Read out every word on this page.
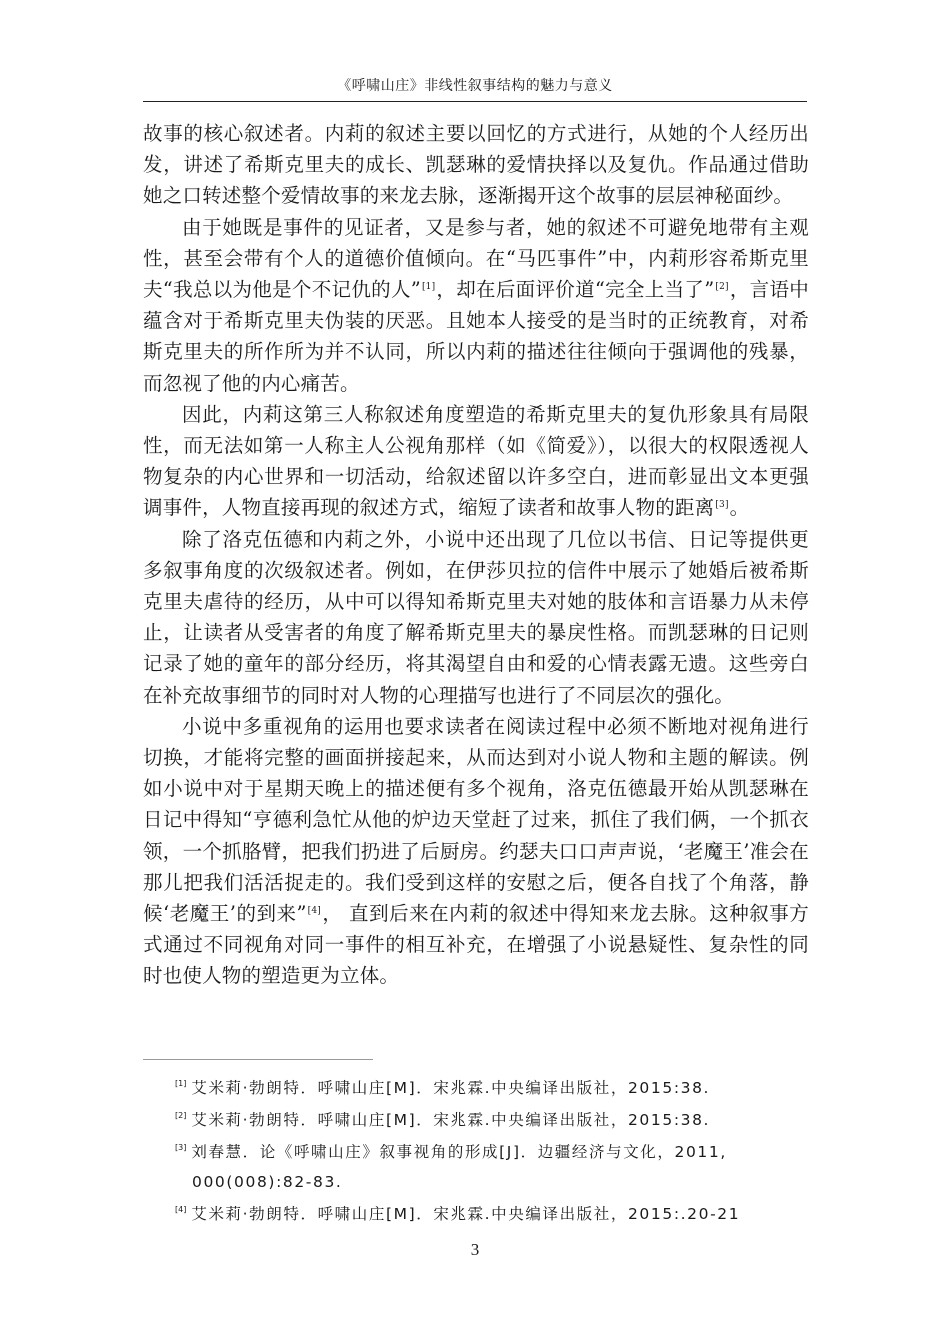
《呼啸山庄》非线性叙事结构的魅力与意义

故事的核心叙述者。内莉的叙述主要以回忆的方式进行，从她的个人经历出发，讲述了希斯克里夫的成长、凯瑟琳的爱情抉择以及复仇。作品通过借助她之口转述整个爱情故事的来龙去脉，逐渐揭开这个故事的层层神秘面纱。

由于她既是事件的见证者，又是参与者，她的叙述不可避免地带有主观性，甚至会带有个人的道德价值倾向。在“马匹事件”中，内莉形容希斯克里夫“我总以为他是个不记仇的人”[1]，却在后面评价道“完全上当了”[2]，言语中蕴含对于希斯克里夫伪装的厌恶。且她本人接受的是当时的正统教育，对希斯克里夫的所作所为并不认同，所以内莉的描述往往倾向于强调他的残暴，而忽视了他的内心痛苦。

因此，内莉这第三人称叙述角度塑造的希斯克里夫的复仇形象具有局限性，而无法如第一人称主人公视角那样（如《简爱》），以很大的权限透视人物复杂的内心世界和一切活动，给叙述留以许多空白，进而彰显出文本更强调事件，人物直接再现的叙述方式，缩短了读者和故事人物的距离[3]。

除了洛克伍德和内莉之外，小说中还出现了几位以书信、日记等提供更多叙事角度的次级叙述者。例如，在伊莎贝拉的信件中展示了她婚后被希斯克里夫虐待的经历，从中可以得知希斯克里夫对她的肢体和言语暴力从未停止，让读者从受害者的角度了解希斯克里夫的暴戾性格。而凯瑟琳的日记则记录了她的童年的部分经历，将其渴望自由和爱的心情表露无遗。这些旁白在补充故事细节的同时对人物的心理描写也进行了不同层次的强化。

小说中多重视角的运用也要求读者在阅读过程中必须不断地对视角进行切换，才能将完整的画面拼接起来，从而达到对小说人物和主题的解读。例如小说中对于星期天晚上的描述便有多个视角，洛克伍德最开始从凯瑟琳在日记中得知“亨德利急忙从他的炉边天堂赶了过来，抓住了我们俩，一个抓衣领，一个抓胳臂，把我们扔进了后厨房。约瑟夫口口声声说，‘老魔王’准会在那儿把我们活活捉走的。我们受到这样的安慰之后，便各自找了个角落，静候‘老魔王’的到来”[4]， 直到后来在内莉的叙述中得知来龙去脉。这种叙事方式通过不同视角对同一事件的相互补充，在增强了小说悬疑性、复杂性的同时也使人物的塑造更为立体。

[1] 艾米莉·勃朗特．呼啸山庄[M]．宋兆霖.中央编译出版社，2015:38.
[2] 艾米莉·勃朗特．呼啸山庄[M]．宋兆霖.中央编译出版社，2015:38.
[3] 刘春慧．论《呼啸山庄》叙事视角的形成[J]．边疆经济与文化，2011,
000(008):82-83.
[4] 艾米莉·勃朗特．呼啸山庄[M]．宋兆霖.中央编译出版社，2015:.20-21
3
